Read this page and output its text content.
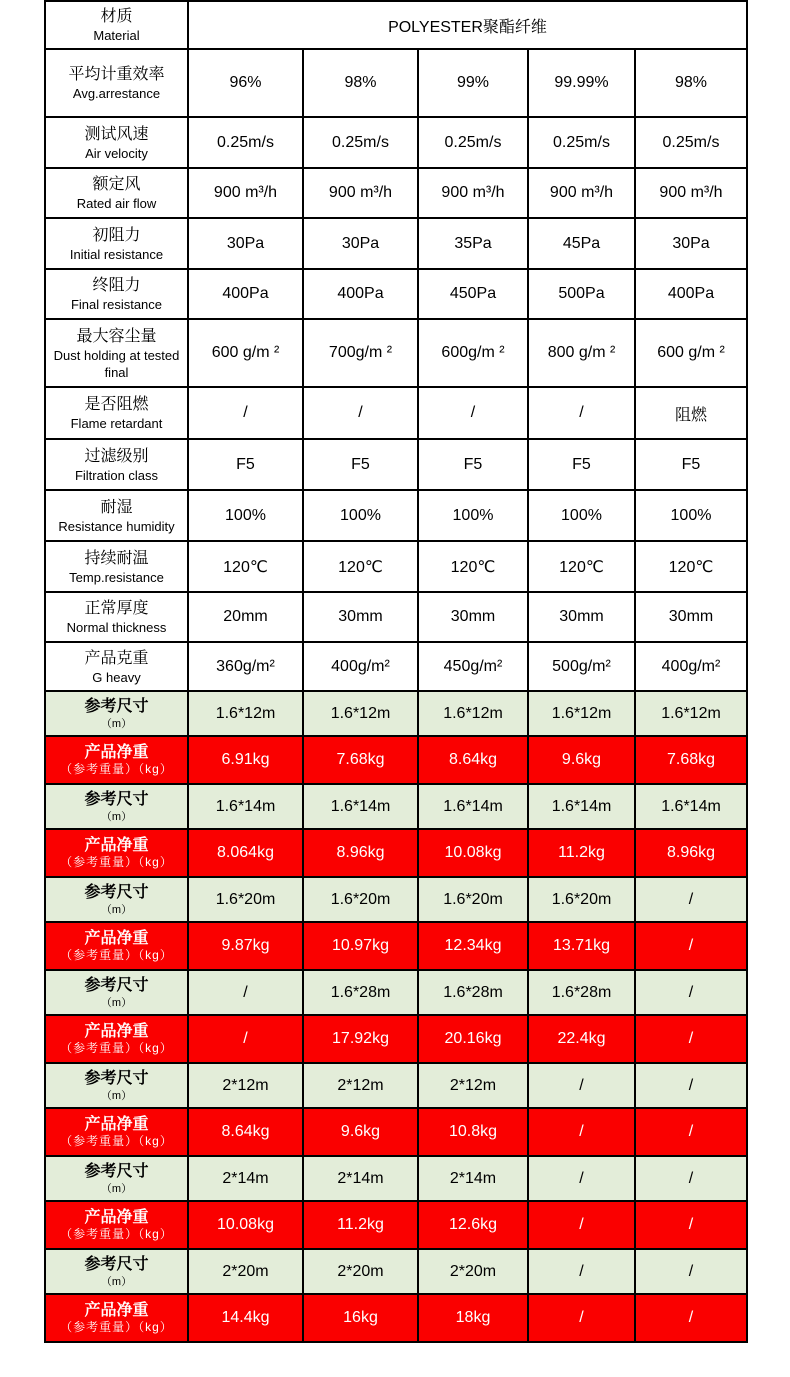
材质
Material	POLYESTER聚酯纤维				

平均计重效率
Avg.arrestance	96%	98%	99%	99.99%	98%

测试风速
Air velocity	0.25m/s	0.25m/s	0.25m/s	0.25m/s	0.25m/s

额定风
Rated air flow	900 m³/h	900 m³/h	900 m³/h	900 m³/h	900 m³/h

初阻力
Initial resistance	30Pa	30Pa	35Pa	45Pa	30Pa

终阻力
Final resistance	400Pa	400Pa	450Pa	500Pa	400Pa

最大容尘量
Dust holding at tested final	600 g/m ²	700g/m ²	600g/m ²	800 g/m ²	600 g/m ²

是否阻燃
Flame retardant	/	/	/	/	阻燃

过滤级别
Filtration class	F5	F5	F5	F5	F5

耐湿
Resistance humidity	100%	100%	100%	100%	100%

持续耐温
Temp.resistance	120℃	120℃	120℃	120℃	120℃

正常厚度
Normal thickness	20mm	30mm	30mm	30mm	30mm

产品克重
G heavy	360g/m²	400g/m²	450g/m²	500g/m²	400g/m²

参考尺寸
（m）	1.6*12m	1.6*12m	1.6*12m	1.6*12m	1.6*12m

产品净重
（参考重量）（kg）	6.91kg	7.68kg	8.64kg	9.6kg	7.68kg

参考尺寸
（m）	1.6*14m	1.6*14m	1.6*14m	1.6*14m	1.6*14m

产品净重
（参考重量）（kg）	8.064kg	8.96kg	10.08kg	11.2kg	8.96kg

参考尺寸
（m）	1.6*20m	1.6*20m	1.6*20m	1.6*20m	/

产品净重
（参考重量）（kg）	9.87kg	10.97kg	12.34kg	13.71kg	/

参考尺寸
（m）	/	1.6*28m	1.6*28m	1.6*28m	/

产品净重
（参考重量）（kg）	/	17.92kg	20.16kg	22.4kg	/

参考尺寸
（m）	2*12m	2*12m	2*12m	/	/

产品净重
（参考重量）（kg）	8.64kg	9.6kg	10.8kg	/	/

参考尺寸
（m）	2*14m	2*14m	2*14m	/	/

产品净重
（参考重量）（kg）	10.08kg	11.2kg	12.6kg	/	/

参考尺寸
（m）	2*20m	2*20m	2*20m	/	/

产品净重
（参考重量）（kg）	14.4kg	16kg	18kg	/	/
